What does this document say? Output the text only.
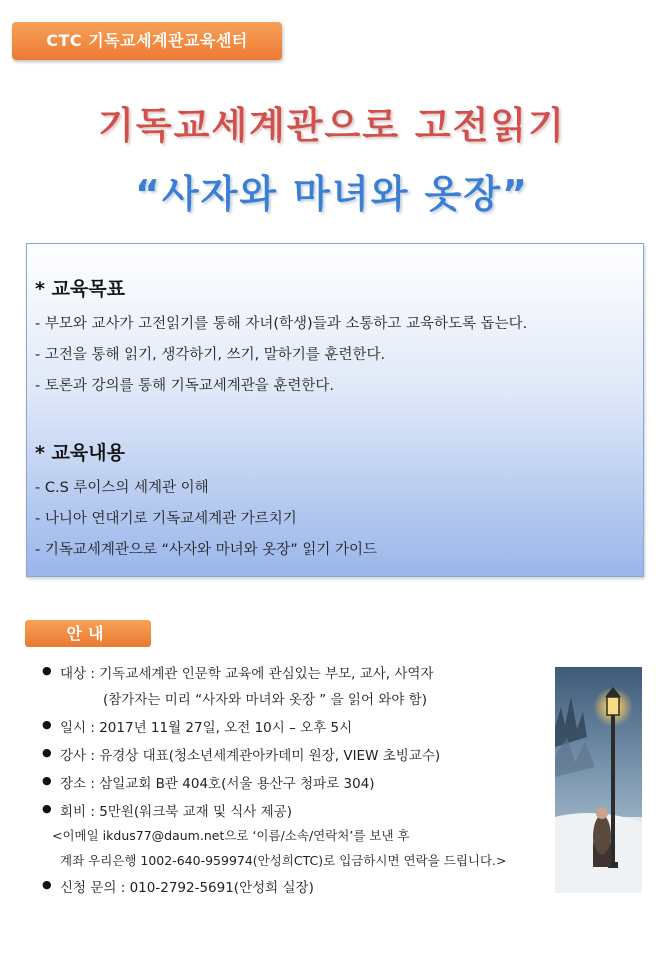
CTC 기독교세계관교육센터
기독교세계관으로 고전읽기
“사자와 마녀와 옷장”
* 교육목표
- 부모와 교사가 고전읽기를 통해 자녀(학생)들과 소통하고 교육하도록 돕는다.
- 고전을 통해 읽기, 생각하기, 쓰기, 말하기를 훈련한다.
- 토론과 강의를 통해 기독교세계관을 훈련한다.
* 교육내용
- C.S 루이스의 세계관 이해
- 나니아 연대기로 기독교세계관 가르치기
- 기독교세계관으로 “사자와 마녀와 옷장” 읽기 가이드
안내
● 대상 : 기독교세계관 인문학 교육에 관심있는 부모, 교사, 사역자
(참가자는 미리 “사자와 마녀와 옷장 ” 을 읽어 와야 함)
● 일시 : 2017년 11월 27일, 오전 10시 – 오후 5시
● 강사 : 유경상 대표(청소년세계관아카데미 원장, VIEW 초빙교수)
● 장소 : 삼일교회 B관 404호(서울 용산구 청파로 304)
● 회비 : 5만원(워크북 교재 및 식사 제공)
<이메일 ikdus77@daum.net으로 ‘이름/소속/연락처’를 보낸 후
계좌 우리은행 1002-640-959974(안성희CTC)로 입금하시면 연락을 드립니다.>
● 신청 문의 : 010-2792-5691(안성희 실장)
